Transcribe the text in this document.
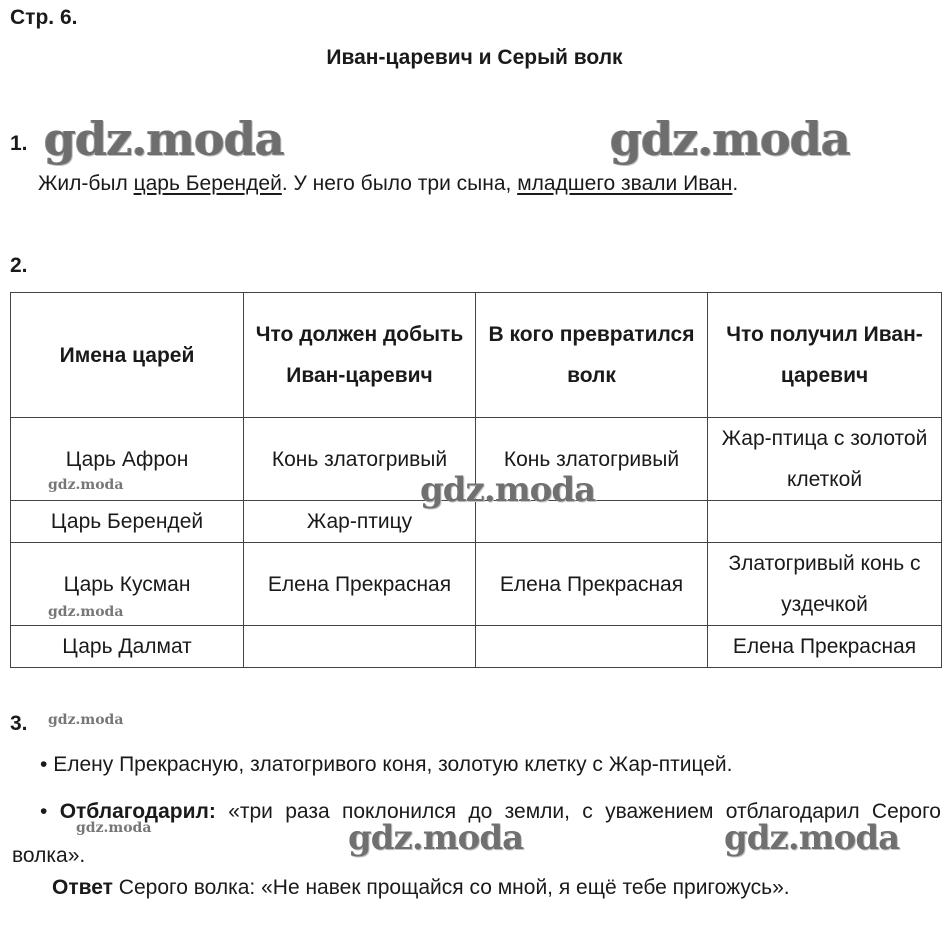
Стр. 6.
Иван-царевич и Серый волк
1. gdz.moda	gdz.moda
Жил-был царь Берендей. У него было три сына, младшего звали Иван.
2.
Имена царей	Что должен добыть Иван-царевич	В кого превратился волк	Что получил Иван-царевич
Царь Афрон	Конь златогривый	Конь златогривый	Жар-птица с золотой клеткой
Царь Берендей	Жар-птицу		
Царь Кусман	Елена Прекрасная	Елена Прекрасная	Златогривый конь с уздечкой
Царь Далмат			Елена Прекрасная
gdz.moda	gdz.moda
gdz.moda
3. gdz.moda
• Елену Прекрасную, златогривого коня, золотую клетку с Жар-птицей.
• Отблагодарил: «три раза поклонился до земли, с уважением отблагодарил Серого волка».
gdz.moda	gdz.moda	gdz.moda
Ответ Серого волка: «Не навек прощайся со мной, я ещё тебе пригожусь».
